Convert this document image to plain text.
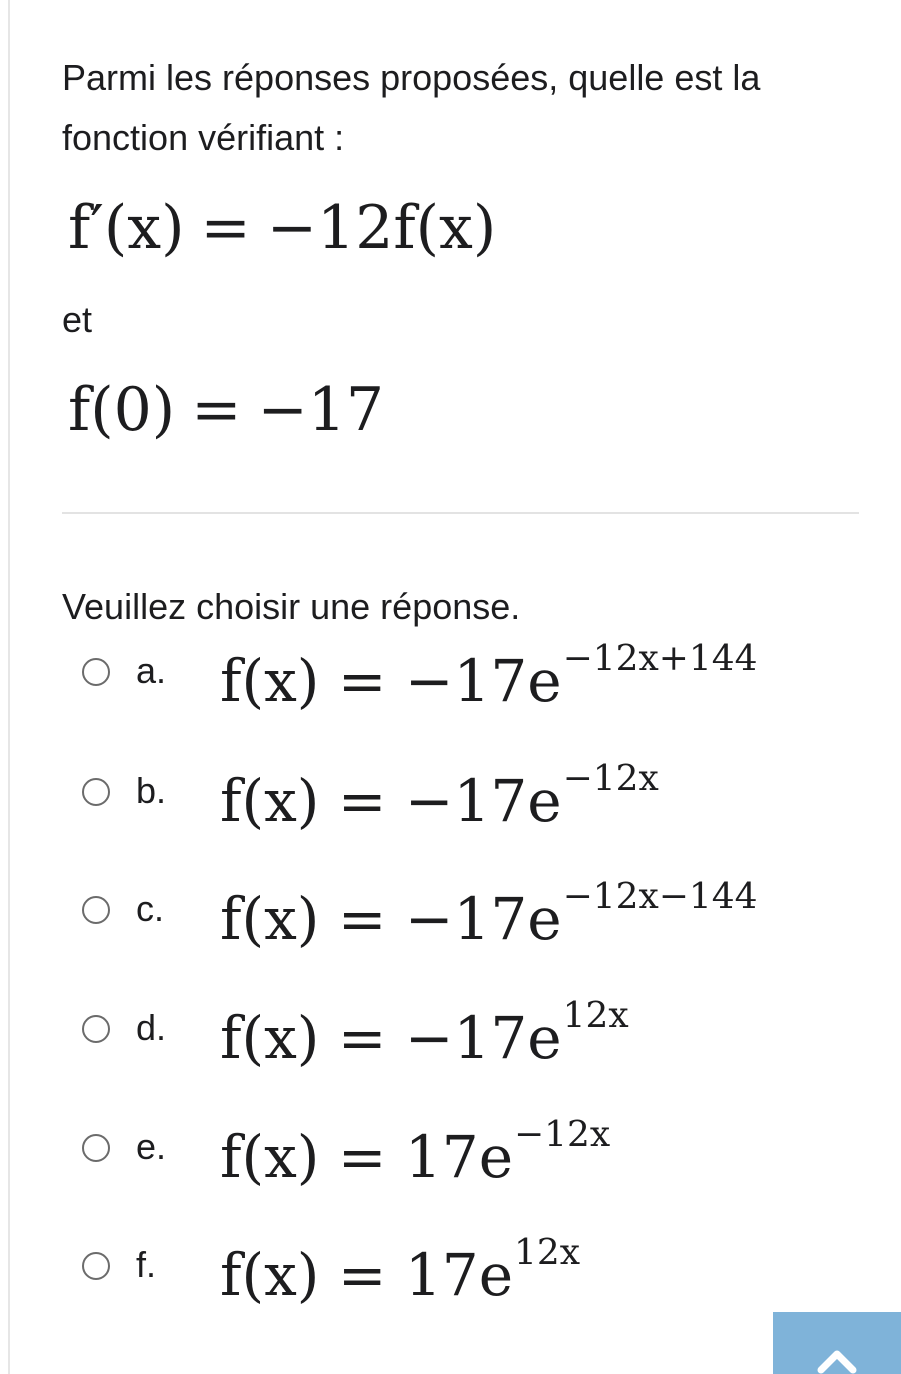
Parmi les réponses proposées, quelle est la fonction vérifiant :
f′(x) = −12f(x)
et
f(0) = −17
Veuillez choisir une réponse.
a. $f(x) = -17e^{-12x+144}$
b. $f(x) = -17e^{-12x}$
c. $f(x) = -17e^{-12x-144}$
d. $f(x) = -17e^{12x}$
e. $f(x) = 17e^{-12x}$
f. $f(x) = 17e^{12x}$
